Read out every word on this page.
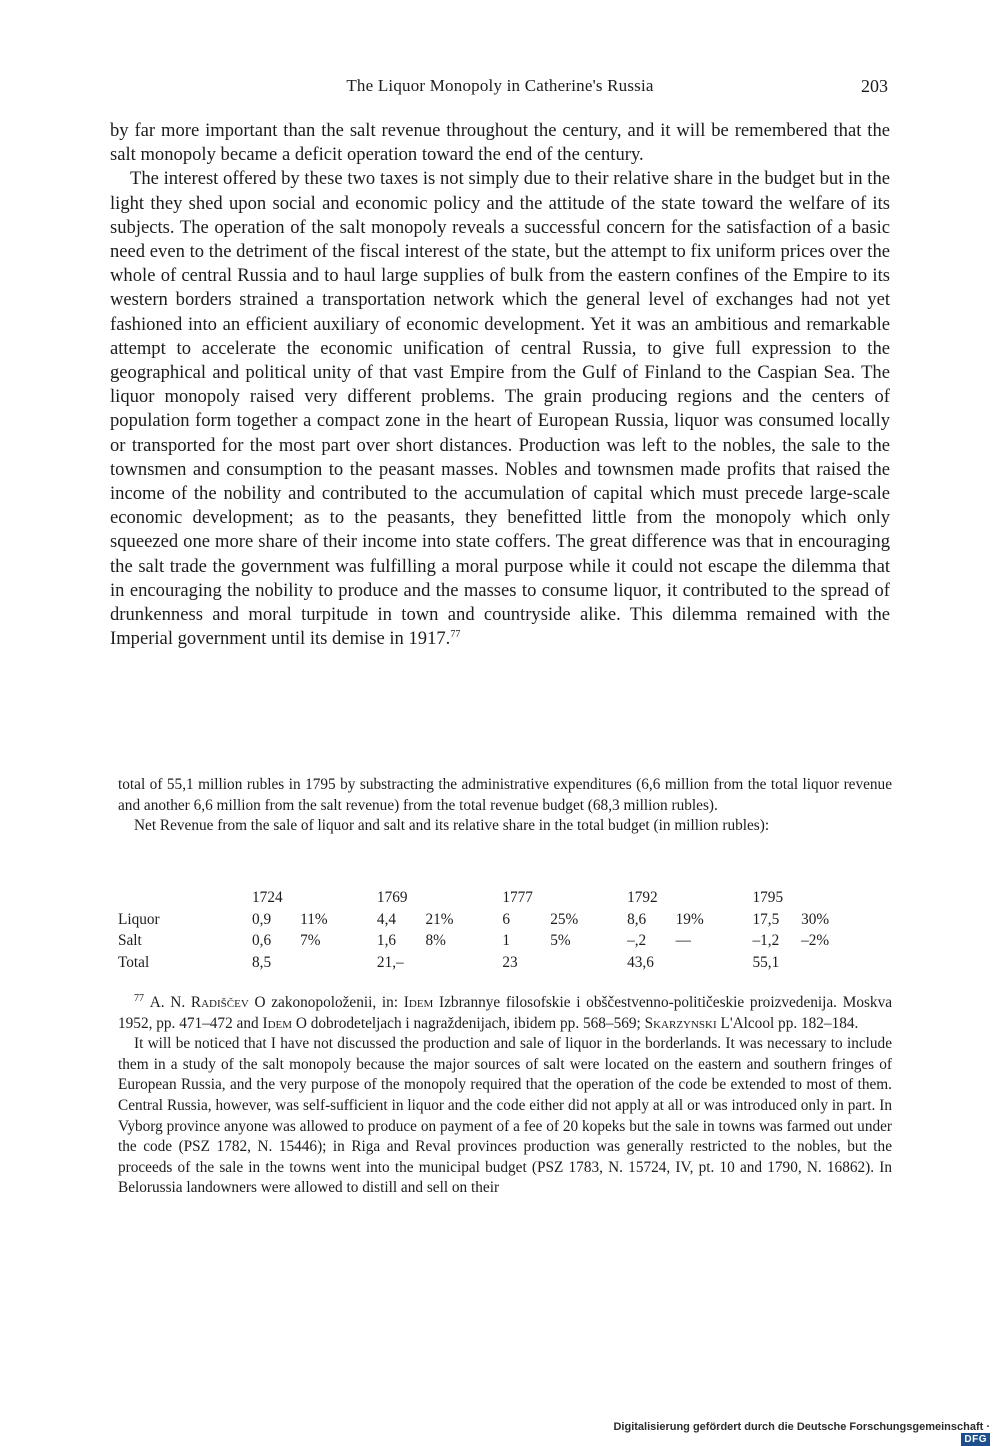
The Liquor Monopoly in Catherine's Russia	203

by far more important than the salt revenue throughout the century, and it will be remembered that the salt monopoly became a deficit operation toward the end of the century.

The interest offered by these two taxes is not simply due to their relative share in the budget but in the light they shed upon social and economic policy and the attitude of the state toward the welfare of its subjects. The operation of the salt monopoly reveals a successful concern for the satisfaction of a basic need even to the detriment of the fiscal interest of the state, but the attempt to fix uniform prices over the whole of central Russia and to haul large supplies of bulk from the eastern confines of the Empire to its western borders strained a transportation network which the general level of exchanges had not yet fashioned into an efficient auxiliary of economic development. Yet it was an ambitious and remarkable attempt to accelerate the economic unification of central Russia, to give full expression to the geographical and political unity of that vast Empire from the Gulf of Finland to the Caspian Sea. The liquor monopoly raised very different problems. The grain producing regions and the centers of population form together a compact zone in the heart of European Russia, liquor was consumed locally or transported for the most part over short distances. Production was left to the nobles, the sale to the townsmen and consumption to the peasant masses. Nobles and townsmen made profits that raised the income of the nobility and contributed to the accumulation of capital which must precede large-scale economic development; as to the peasants, they benefitted little from the monopoly which only squeezed one more share of their income into state coffers. The great difference was that in encouraging the salt trade the government was fulfilling a moral purpose while it could not escape the dilemma that in encouraging the nobility to produce and the masses to consume liquor, it contributed to the spread of drunkenness and moral turpitude in town and countryside alike. This dilemma remained with the Imperial government until its demise in 1917.77

total of 55,1 million rubles in 1795 by substracting the administrative expenditures (6,6 million from the total liquor revenue and another 6,6 million from the salt revenue) from the total revenue budget (68,3 million rubles).

Net Revenue from the sale of liquor and salt and its relative share in the total budget (in million rubles):

	1724		1769		1777		1792		1795	
Liquor	0,9	11%	4,4	21%	6	25%	8,6	19%	17,5	30%
Salt	0,6	7%	1,6	8%	1	5%	–,2	—	–1,2	–2%
Total	8,5		21,–		23		43,6		55,1	

$^{77}$ A. N. Radiščev O zakonopoloženii, in: Idem Izbrannye filosofskie i obščestvenno-političeskie proizvedenija. Moskva 1952, pp. 471–472 and Idem O dobrodeteljach i nagraždenijach, ibidem pp. 568–569; Skarzynski L'Alcool pp. 182–184.

It will be noticed that I have not discussed the production and sale of liquor in the borderlands. It was necessary to include them in a study of the salt monopoly because the major sources of salt were located on the eastern and southern fringes of European Russia, and the very purpose of the monopoly required that the operation of the code be extended to most of them. Central Russia, however, was self-sufficient in liquor and the code either did not apply at all or was introduced only in part. In Vyborg province anyone was allowed to produce on payment of a fee of 20 kopeks but the sale in towns was farmed out under the code (PSZ 1782, N. 15446); in Riga and Reval provinces production was generally restricted to the nobles, but the proceeds of the sale in the towns went into the municipal budget (PSZ 1783, N. 15724, IV, pt. 10 and 1790, N. 16862). In Belorussia landowners were allowed to distill and sell on their

Digitalisierung gefördert durch die Deutsche Forschungsgemeinschaft ·DFG
